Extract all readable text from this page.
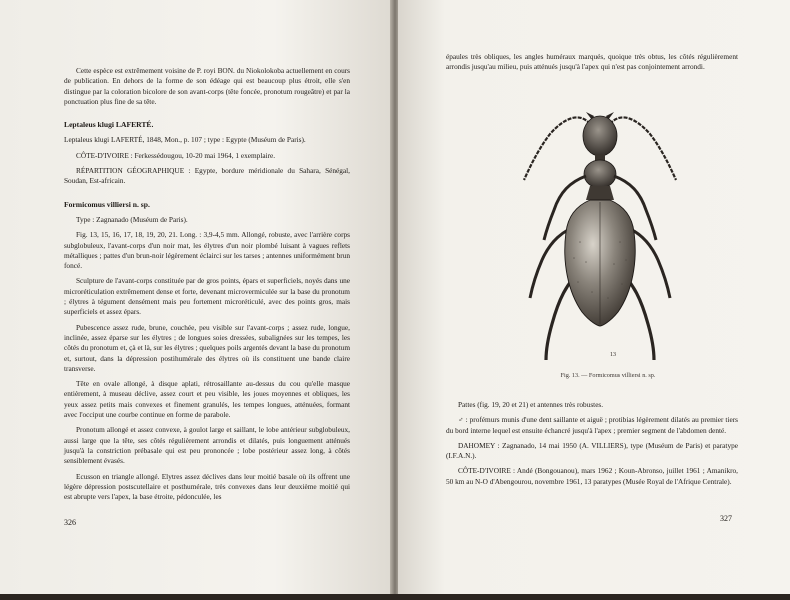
Cette espèce est extrêmement voisine de P. royi BON. du Niokolokoba actuellement en cours de publication. En dehors de la forme de son édéage qui est beaucoup plus étroit, elle s'en distingue par la coloration bicolore de son avant-corps (tête foncée, pronotum rougeâtre) et par la ponctuation plus fine de sa tête.

Leptaleus klugi LAFERTÉ.

Leptaleus klugi LAFERTÉ, 1848, Mon., p. 107 ; type : Egypte (Muséum de Paris).

CÔTE-D'IVOIRE : Ferkessédougou, 10-20 mai 1964, 1 exemplaire.

RÉPARTITION GÉOGRAPHIQUE : Egypte, bordure méridionale du Sahara, Sénégal, Soudan, Est-africain.

Formicomus villiersi n. sp.

Type : Zagnanado (Muséum de Paris).

Fig. 13, 15, 16, 17, 18, 19, 20, 21. Long. : 3,9-4,5 mm. Allongé, robuste, avec l'arrière corps subglobuleux, l'avant-corps d'un noir mat, les élytres d'un noir plombé luisant à vagues reflets métalliques ; pattes d'un brun-noir légèrement éclairci sur les tarses ; antennes uniformément brun foncé.

Sculpture de l'avant-corps constituée par de gros points, épars et superficiels, noyés dans une microréticulation extrêmement dense et forte, devenant microvermiculée sur la base du pronotum ; élytres à tégument densément mais peu fortement microréticulé, avec des points gros, mais superficiels et assez épars.

Pubescence assez rude, brune, couchée, peu visible sur l'avant-corps ; assez rude, longue, inclinée, assez éparse sur les élytres ; de longues soies dressées, subalignées sur les tempes, les côtés du pronotum et, çà et là, sur les élytres ; quelques poils argentés devant la base du pronotum et, surtout, dans la dépression postihumérale des élytres où ils constituent une bande claire transverse.

Tête en ovale allongé, à disque aplati, rétrosaillante au-dessus du cou qu'elle masque entièrement, à museau déclive, assez court et peu visible, les joues moyennes et obliques, les yeux assez petits mais convexes et finement granulés, les tempes longues, atténuées, formant avec l'occiput une courbe continue en forme de parabole.

Pronotum allongé et assez convexe, à goulot large et saillant, le lobe antérieur subglobuleux, aussi large que la tête, ses côtés régulièrement arrondis et dilatés, puis longuement atténués jusqu'à la constriction prébasale qui est peu prononcée ; lobe postérieur assez long, à côtés sensiblement évasés.

Ecusson en triangle allongé. Elytres assez déclives dans leur moitié basale où ils offrent une légère dépression postscutellaire et posthumérale, très convexes dans leur deuxième moitié qui est abrupte vers l'apex, la base étroite, pédonculée, les

326

épaules très obliques, les angles huméraux marqués, quoique très obtus, les côtés régulièrement arrondis jusqu'au milieu, puis atténués jusqu'à l'apex qui n'est pas conjointement arrondi.

13
Fig. 13. — Formicomus villiersi n. sp.

Pattes (fig. 19, 20 et 21) et antennes très robustes.

♂ : profémurs munis d'une dent saillante et aiguë ; protibias légèrement dilatés au premier tiers du bord interne lequel est ensuite échancré jusqu'à l'apex ; premier segment de l'abdomen denté.

DAHOMEY : Zagnanado, 14 mai 1950 (A. VILLIERS), type (Muséum de Paris) et paratype (I.F.A.N.).

CÔTE-D'IVOIRE : Andé (Bongouanou), mars 1962 ; Koun-Abronso, juillet 1961 ; Amanikro, 50 km au N-O d'Abengourou, novembre 1961, 13 paratypes (Musée Royal de l'Afrique Centrale).

327
